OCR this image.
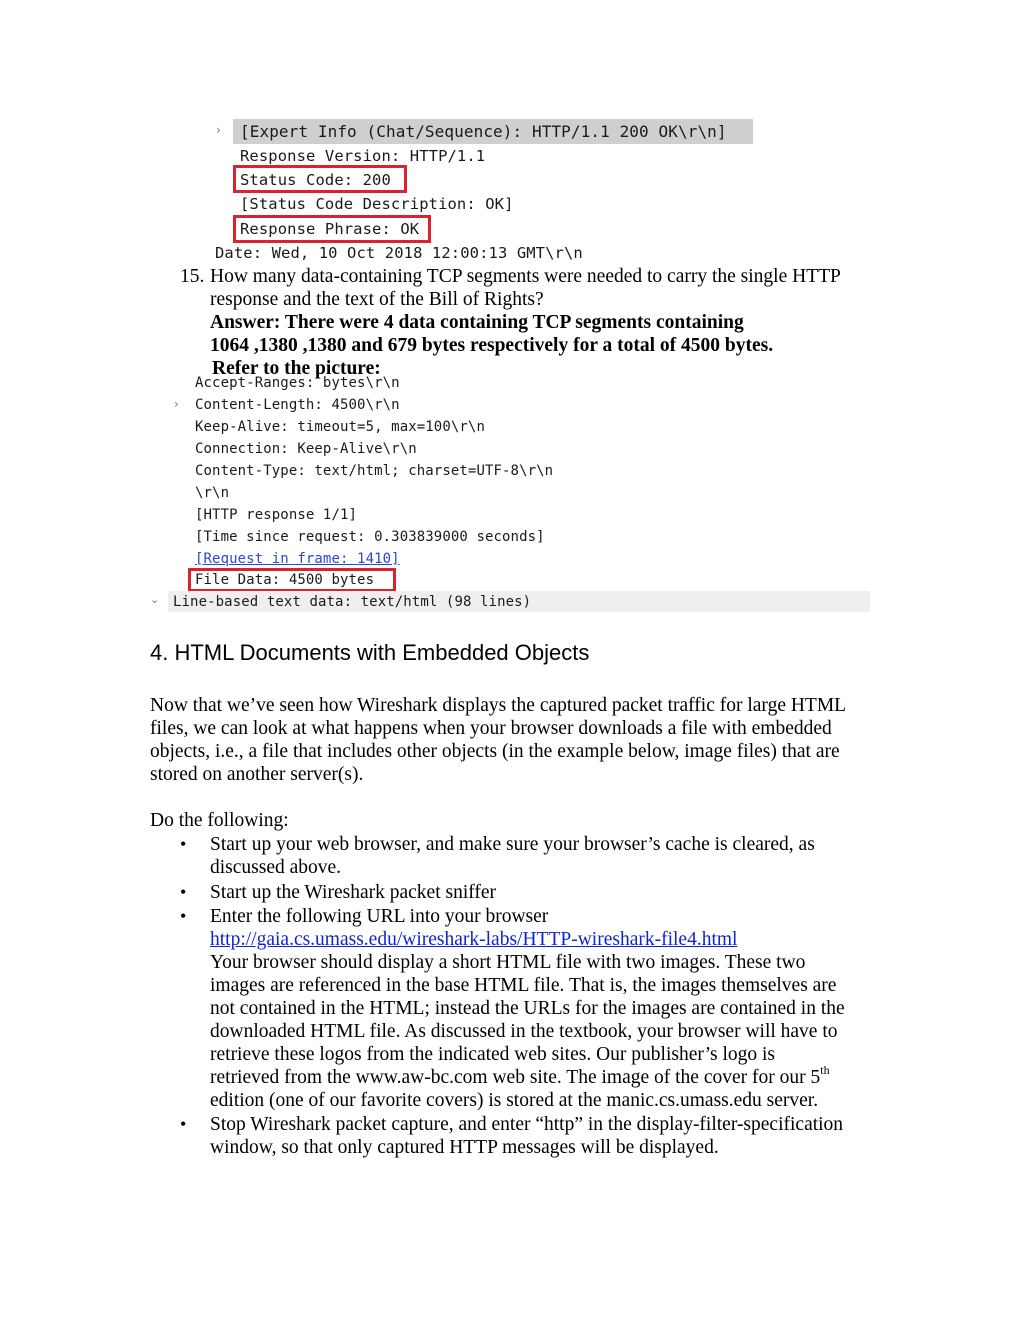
› [Expert Info (Chat/Sequence): HTTP/1.1 200 OK\r\n]
Response Version: HTTP/1.1
Status Code: 200
[Status Code Description: OK]
Response Phrase: OK
Date: Wed, 10 Oct 2018 12:00:13 GMT\r\n
15. How many data-containing TCP segments were needed to carry the single HTTP
response and the text of the Bill of Rights?
Answer: There were 4 data containing TCP segments containing
1064 ,1380 ,1380 and 679 bytes respectively for a total of 4500 bytes.
Refer to the picture:
Accept-Ranges: bytes\r\n
› Content-Length: 4500\r\n
Keep-Alive: timeout=5, max=100\r\n
Connection: Keep-Alive\r\n
Content-Type: text/html; charset=UTF-8\r\n
\r\n
[HTTP response 1/1]
[Time since request: 0.303839000 seconds]
[Request in frame: 1410]
File Data: 4500 bytes
⌄ Line-based text data: text/html (98 lines)
4. HTML Documents with Embedded Objects
Now that we’ve seen how Wireshark displays the captured packet traffic for large HTML
files, we can look at what happens when your browser downloads a file with embedded
objects, i.e., a file that includes other objects (in the example below, image files) that are
stored on another server(s).
Do the following:
• Start up your web browser, and make sure your browser’s cache is cleared, as
discussed above.
• Start up the Wireshark packet sniffer
• Enter the following URL into your browser
http://gaia.cs.umass.edu/wireshark-labs/HTTP-wireshark-file4.html
Your browser should display a short HTML file with two images. These two
images are referenced in the base HTML file. That is, the images themselves are
not contained in the HTML; instead the URLs for the images are contained in the
downloaded HTML file. As discussed in the textbook, your browser will have to
retrieve these logos from the indicated web sites. Our publisher’s logo is
retrieved from the www.aw-bc.com web site. The image of the cover for our 5th
edition (one of our favorite covers) is stored at the manic.cs.umass.edu server.
• Stop Wireshark packet capture, and enter “http” in the display-filter-specification
window, so that only captured HTTP messages will be displayed.
